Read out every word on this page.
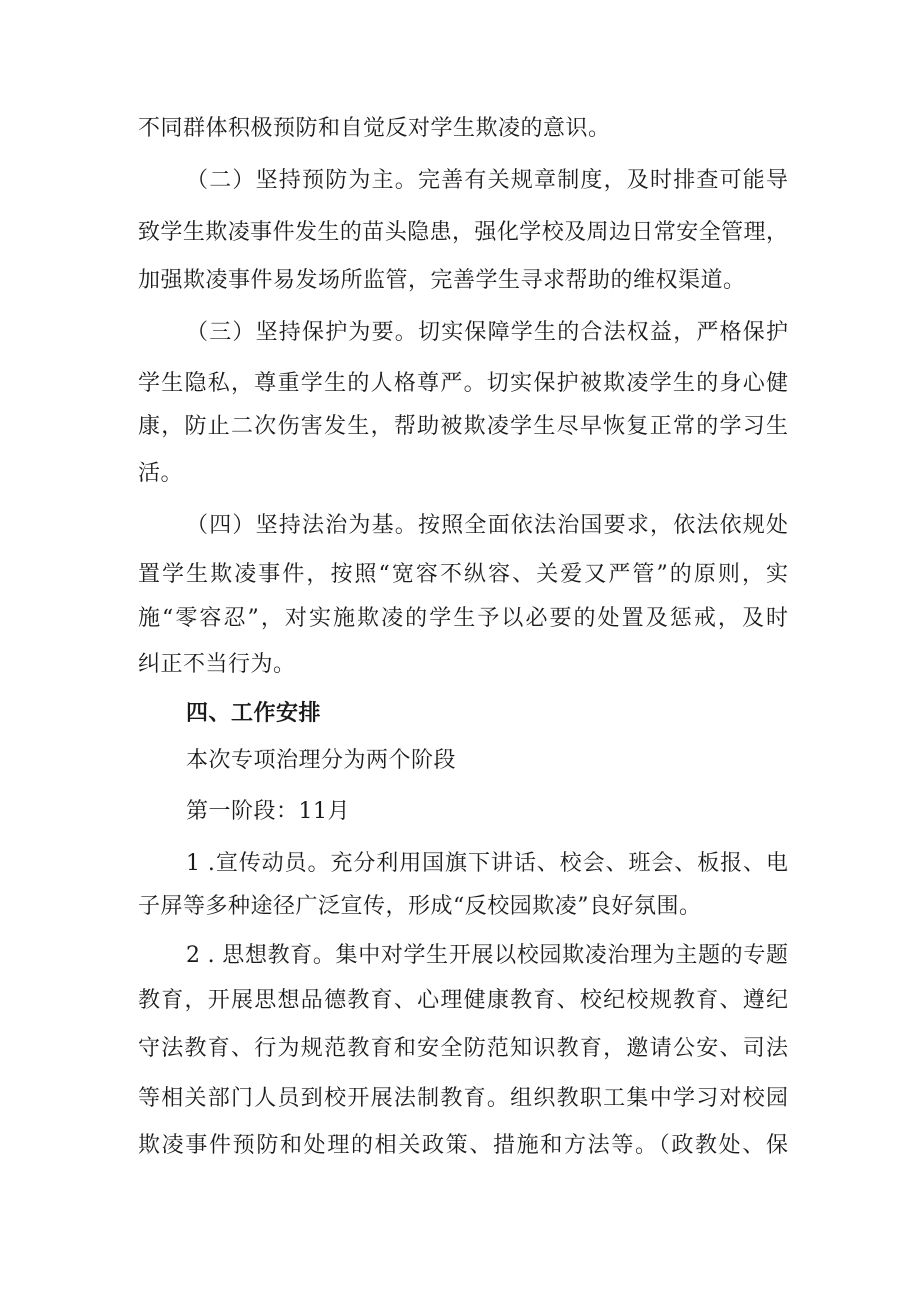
不同群体积极预防和自觉反对学生欺凌的意识。
（二）坚持预防为主。完善有关规章制度，及时排查可能导
致学生欺凌事件发生的苗头隐患，强化学校及周边日常安全管理，
加强欺凌事件易发场所监管，完善学生寻求帮助的维权渠道。
（三）坚持保护为要。切实保障学生的合法权益，严格保护
学生隐私，尊重学生的人格尊严。切实保护被欺凌学生的身心健
康，防止二次伤害发生，帮助被欺凌学生尽早恢复正常的学习生
活。
（四）坚持法治为基。按照全面依法治国要求，依法依规处
置学生欺凌事件，按照“宽容不纵容、关爱又严管”的原则，实
施“零容忍”，对实施欺凌的学生予以必要的处置及惩戒，及时
纠正不当行为。
四、工作安排
本次专项治理分为两个阶段
第一阶段：11月
1 .宣传动员。充分利用国旗下讲话、校会、班会、板报、电
子屏等多种途径广泛宣传，形成“反校园欺凌”良好氛围。
2 . 思想教育。集中对学生开展以校园欺凌治理为主题的专题
教育，开展思想品德教育、心理健康教育、校纪校规教育、遵纪
守法教育、行为规范教育和安全防范知识教育，邀请公安、司法
等相关部门人员到校开展法制教育。组织教职工集中学习对校园
欺凌事件预防和处理的相关政策、措施和方法等。（政教处、保
